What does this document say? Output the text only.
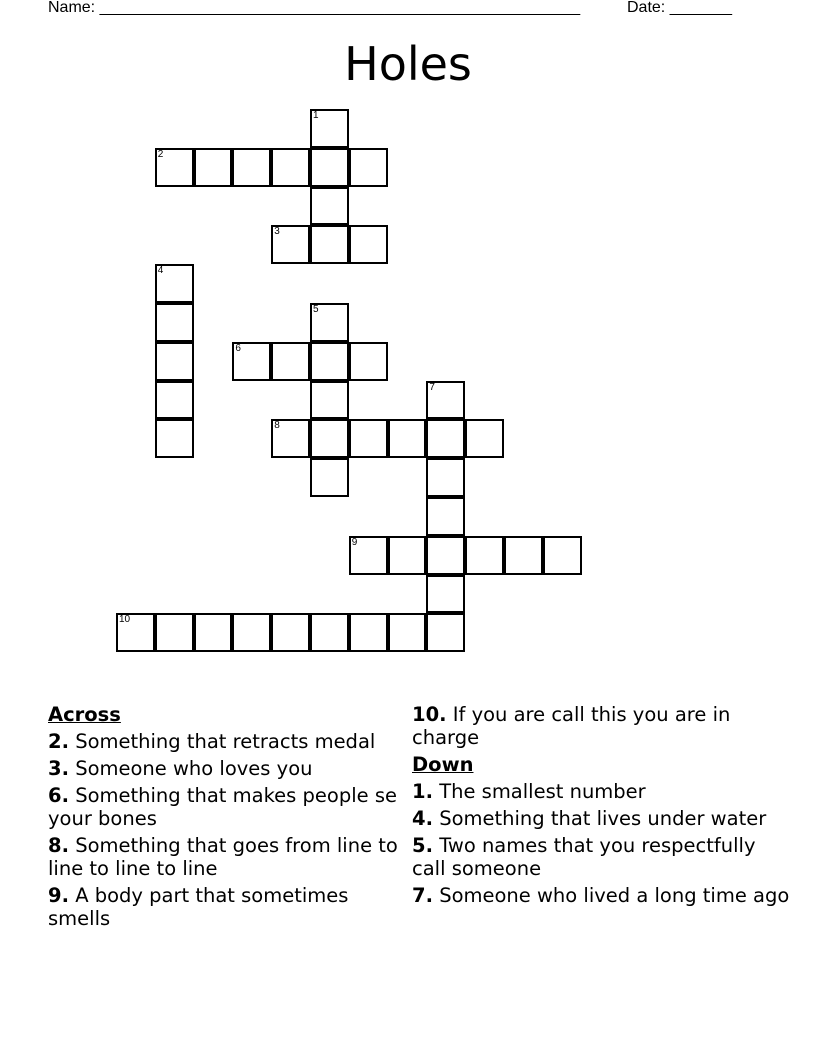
Name: ______________________________________________________	Date: _______
Holes
1
2
3
4
5
6
7
8
9
10
Across
2. Something that retracts medal
3. Someone who loves you
6. Something that makes people se your bones
8. Something that goes from line to line to line to line
9. A body part that sometimes smells
10. If you are call this you are in charge
Down
1. The smallest number
4. Something that lives under water
5. Two names that you respectfully call someone
7. Someone who lived a long time ago
